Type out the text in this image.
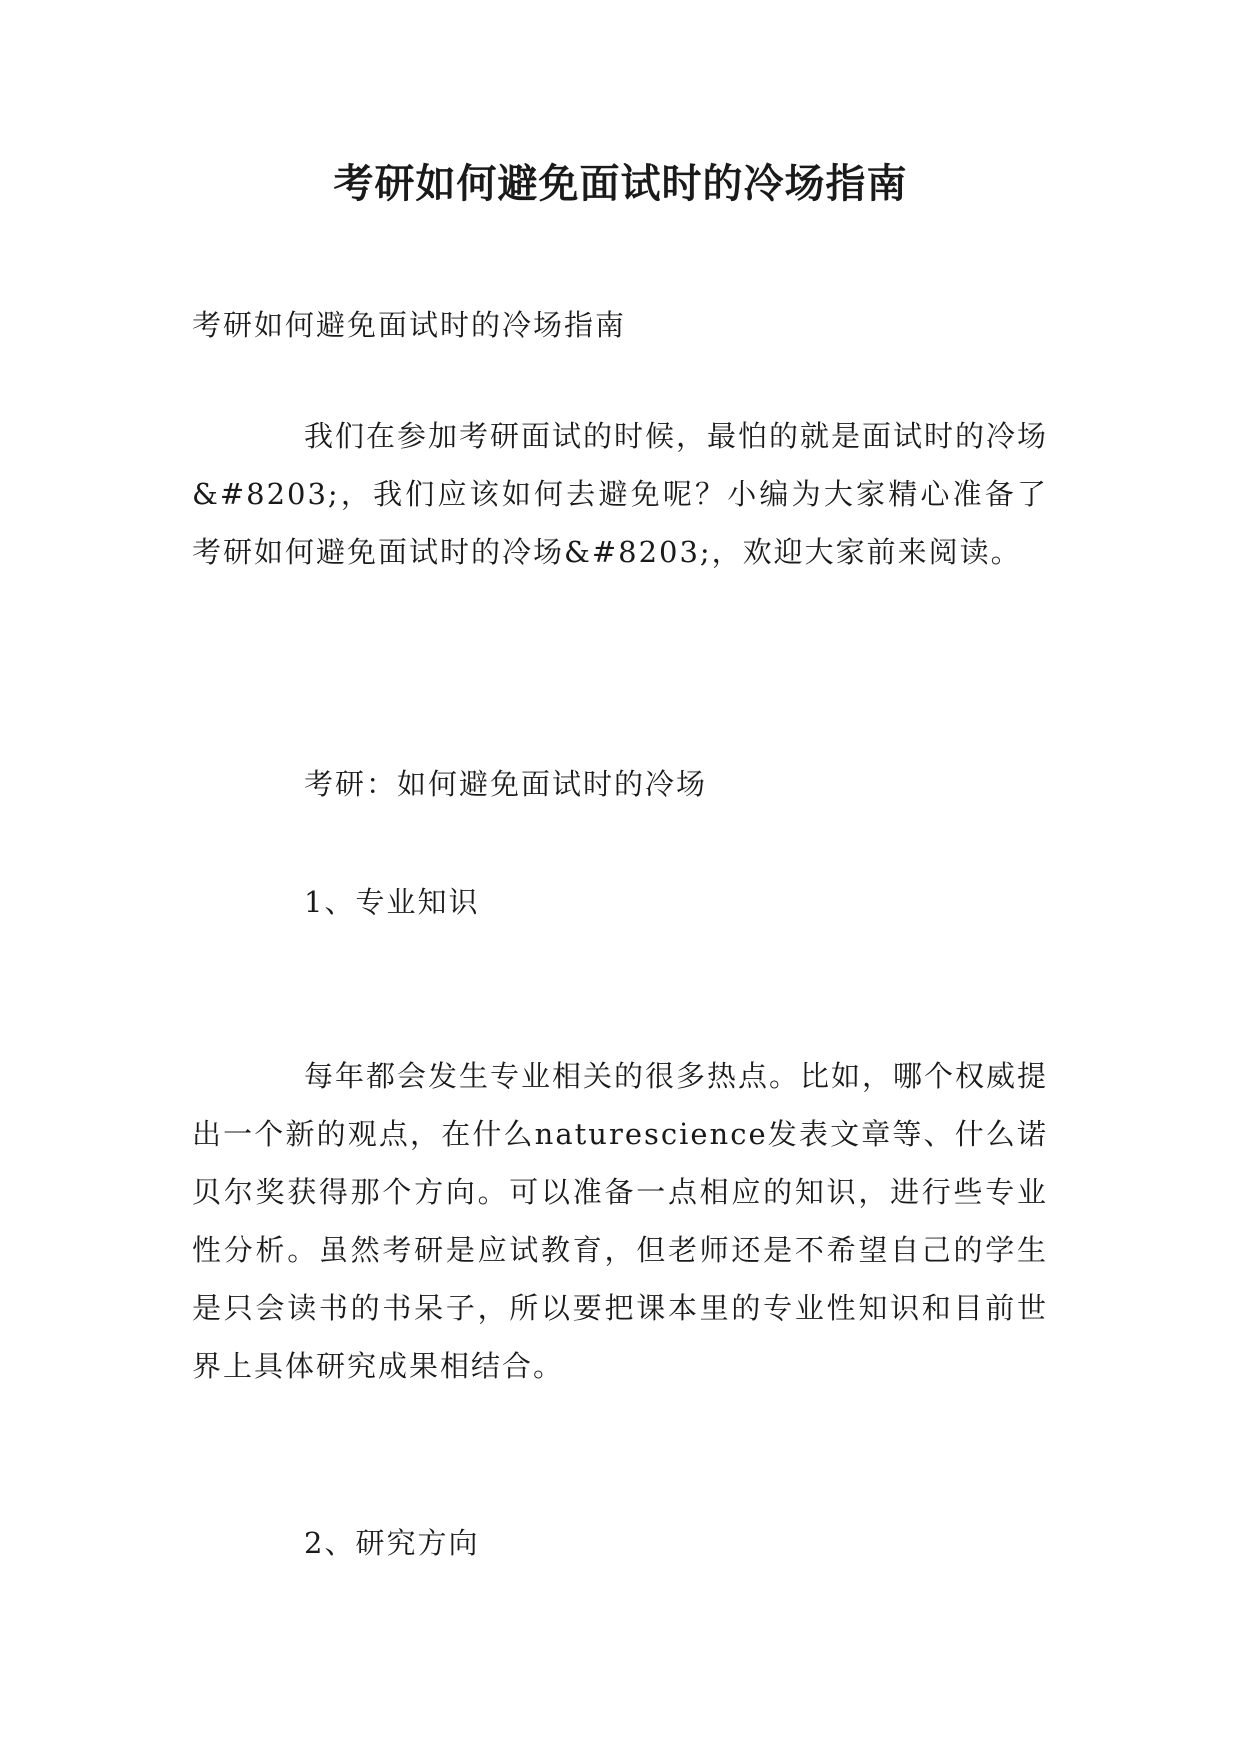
考研如何避免面试时的冷场指南
考研如何避免面试时的冷场指南

我们在参加考研面试的时候，最怕的就是面试时的冷场&#8203;，我们应该如何去避免呢？小编为大家精心准备了考研如何避免面试时的冷场&#8203;，欢迎大家前来阅读。

考研：如何避免面试时的冷场
1、专业知识

每年都会发生专业相关的很多热点。比如，哪个权威提出一个新的观点，在什么naturescience发表文章等、什么诺贝尔奖获得那个方向。可以准备一点相应的知识，进行些专业性分析。虽然考研是应试教育，但老师还是不希望自己的学生是只会读书的书呆子，所以要把课本里的专业性知识和目前世界上具体研究成果相结合。

2、研究方向
